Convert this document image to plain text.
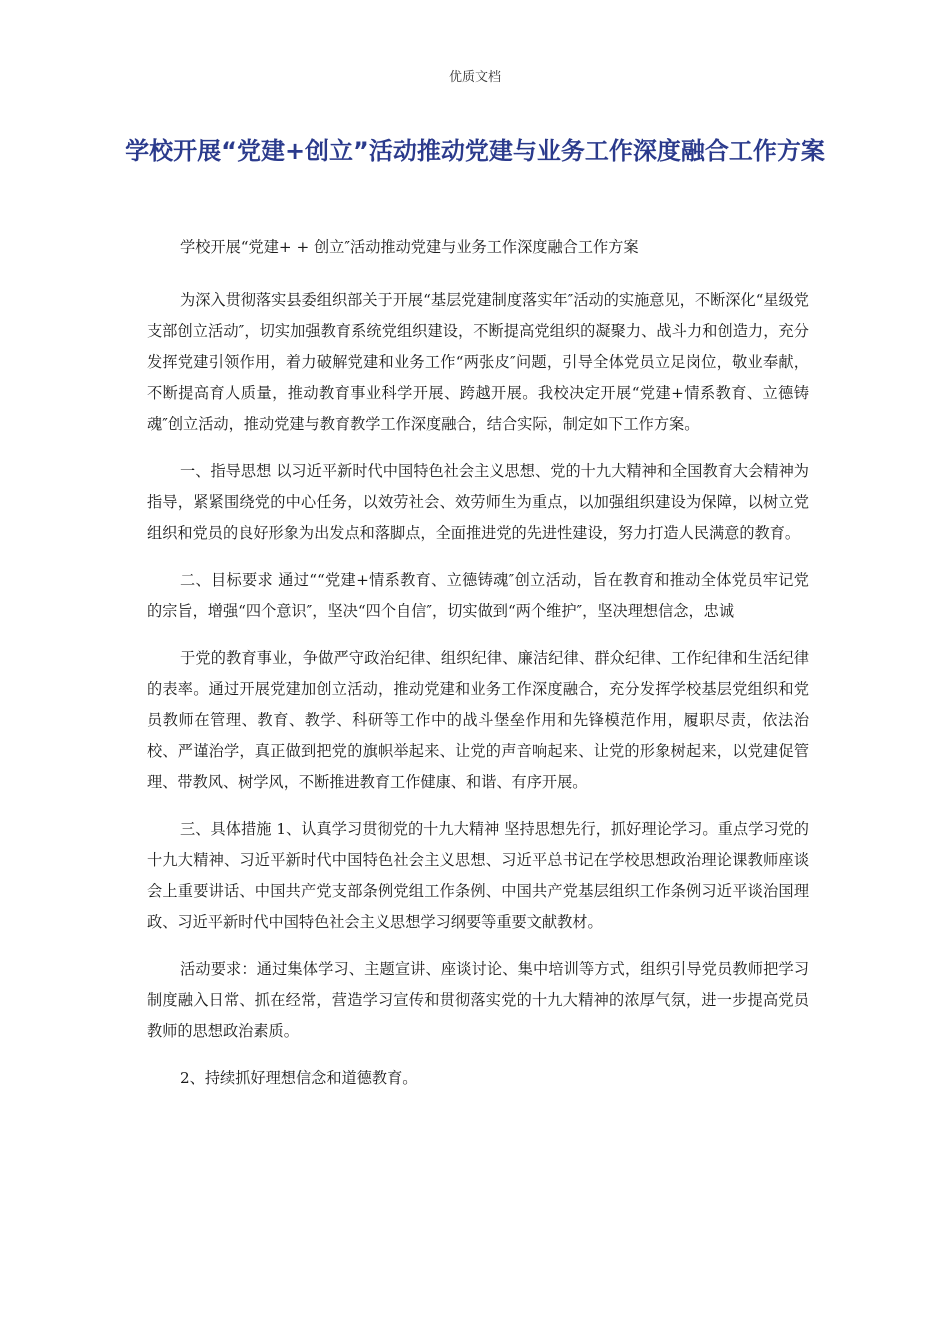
优质文档
学校开展“党建+创立”活动推动党建与业务工作深度融合工作方案

学校开展“党建+ + 创立″活动推动党建与业务工作深度融合工作方案

为深入贯彻落实县委组织部关于开展“基层党建制度落实年″活动的实施意见，不断深化“星级党支部创立活动″，切实加强教育系统党组织建设，不断提高党组织的凝聚力、战斗力和创造力，充分发挥党建引领作用，着力破解党建和业务工作“两张皮″问题，引导全体党员立足岗位，敬业奉献，不断提高育人质量，推动教育事业科学开展、跨越开展。我校决定开展“党建+情系教育、立德铸魂″创立活动，推动党建与教育教学工作深度融合，结合实际，制定如下工作方案。

一、指导思想 以习近平新时代中国特色社会主义思想、党的十九大精神和全国教育大会精神为指导，紧紧围绕党的中心任务，以效劳社会、效劳师生为重点，以加强组织建设为保障，以树立党组织和党员的良好形象为出发点和落脚点，全面推进党的先进性建设，努力打造人民满意的教育。

二、目标要求 通过““党建+情系教育、立德铸魂″创立活动，旨在教育和推动全体党员牢记党的宗旨，增强“四个意识″，坚决“四个自信″，切实做到“两个维护″，坚决理想信念，忠诚

于党的教育事业，争做严守政治纪律、组织纪律、廉洁纪律、群众纪律、工作纪律和生活纪律的表率。通过开展党建加创立活动，推动党建和业务工作深度融合，充分发挥学校基层党组织和党员教师在管理、教育、教学、科研等工作中的战斗堡垒作用和先锋模范作用，履职尽责，依法治校、严谨治学，真正做到把党的旗帜举起来、让党的声音响起来、让党的形象树起来，以党建促管理、带教风、树学风，不断推进教育工作健康、和谐、有序开展。

三、具体措施 1、认真学习贯彻党的十九大精神 坚持思想先行，抓好理论学习。重点学习党的十九大精神、习近平新时代中国特色社会主义思想、习近平总书记在学校思想政治理论课教师座谈会上重要讲话、中国共产党支部条例党组工作条例、中国共产党基层组织工作条例习近平谈治国理政、习近平新时代中国特色社会主义思想学习纲要等重要文献教材。

活动要求：通过集体学习、主题宣讲、座谈讨论、集中培训等方式，组织引导党员教师把学习制度融入日常、抓在经常，营造学习宣传和贯彻落实党的十九大精神的浓厚气氛，进一步提高党员教师的思想政治素质。

2、持续抓好理想信念和道德教育。
